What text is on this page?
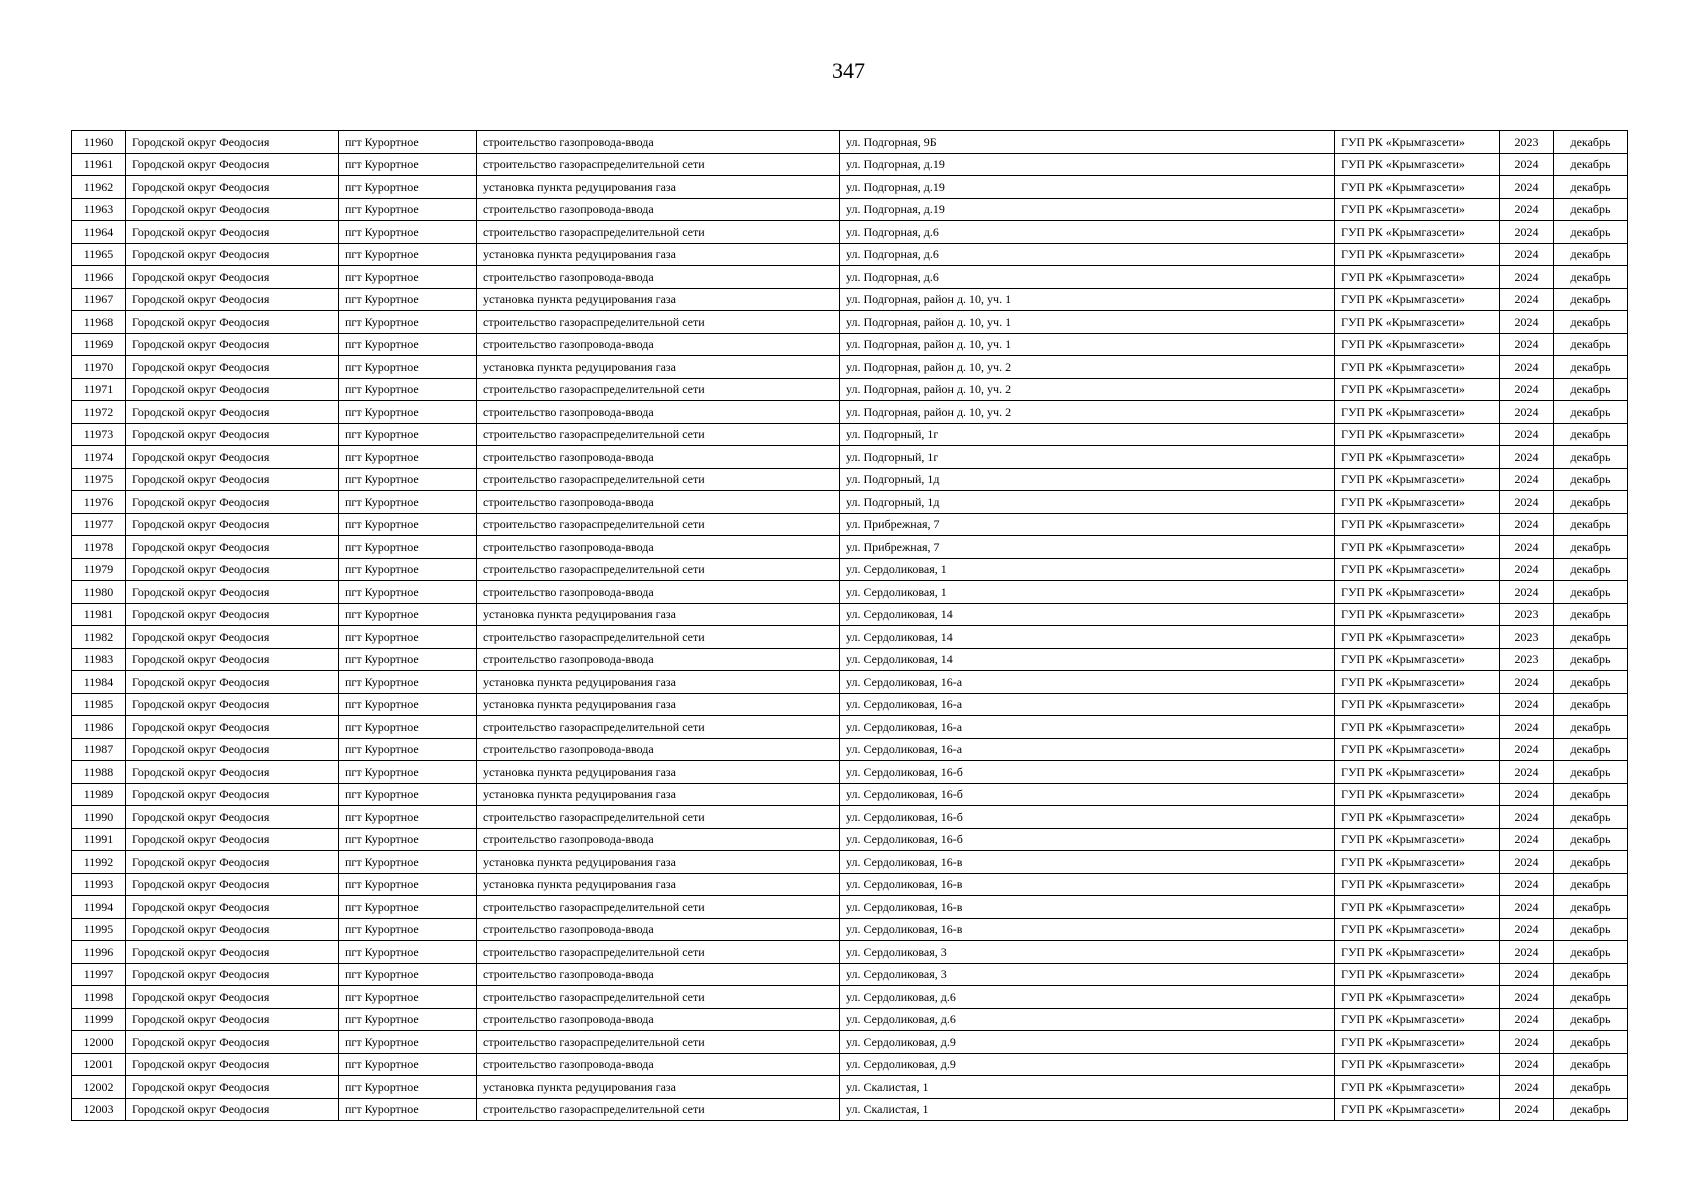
347
11960	Городской округ Феодосия	пгт Курортное	строительство газопровода-ввода	ул. Подгорная, 9Б	ГУП РК «Крымгазсети»	2023	декабрь
11961	Городской округ Феодосия	пгт Курортное	строительство газораспределительной сети	ул. Подгорная, д.19	ГУП РК «Крымгазсети»	2024	декабрь
11962	Городской округ Феодосия	пгт Курортное	установка пункта редуцирования газа	ул. Подгорная, д.19	ГУП РК «Крымгазсети»	2024	декабрь
11963	Городской округ Феодосия	пгт Курортное	строительство газопровода-ввода	ул. Подгорная, д.19	ГУП РК «Крымгазсети»	2024	декабрь
11964	Городской округ Феодосия	пгт Курортное	строительство газораспределительной сети	ул. Подгорная, д.6	ГУП РК «Крымгазсети»	2024	декабрь
11965	Городской округ Феодосия	пгт Курортное	установка пункта редуцирования газа	ул. Подгорная, д.6	ГУП РК «Крымгазсети»	2024	декабрь
11966	Городской округ Феодосия	пгт Курортное	строительство газопровода-ввода	ул. Подгорная, д.6	ГУП РК «Крымгазсети»	2024	декабрь
11967	Городской округ Феодосия	пгт Курортное	установка пункта редуцирования газа	ул. Подгорная, район д. 10, уч. 1	ГУП РК «Крымгазсети»	2024	декабрь
11968	Городской округ Феодосия	пгт Курортное	строительство газораспределительной сети	ул. Подгорная, район д. 10, уч. 1	ГУП РК «Крымгазсети»	2024	декабрь
11969	Городской округ Феодосия	пгт Курортное	строительство газопровода-ввода	ул. Подгорная, район д. 10, уч. 1	ГУП РК «Крымгазсети»	2024	декабрь
11970	Городской округ Феодосия	пгт Курортное	установка пункта редуцирования газа	ул. Подгорная, район д. 10, уч. 2	ГУП РК «Крымгазсети»	2024	декабрь
11971	Городской округ Феодосия	пгт Курортное	строительство газораспределительной сети	ул. Подгорная, район д. 10, уч. 2	ГУП РК «Крымгазсети»	2024	декабрь
11972	Городской округ Феодосия	пгт Курортное	строительство газопровода-ввода	ул. Подгорная, район д. 10, уч. 2	ГУП РК «Крымгазсети»	2024	декабрь
11973	Городской округ Феодосия	пгт Курортное	строительство газораспределительной сети	ул. Подгорный, 1г	ГУП РК «Крымгазсети»	2024	декабрь
11974	Городской округ Феодосия	пгт Курортное	строительство газопровода-ввода	ул. Подгорный, 1г	ГУП РК «Крымгазсети»	2024	декабрь
11975	Городской округ Феодосия	пгт Курортное	строительство газораспределительной сети	ул. Подгорный, 1д	ГУП РК «Крымгазсети»	2024	декабрь
11976	Городской округ Феодосия	пгт Курортное	строительство газопровода-ввода	ул. Подгорный, 1д	ГУП РК «Крымгазсети»	2024	декабрь
11977	Городской округ Феодосия	пгт Курортное	строительство газораспределительной сети	ул. Прибрежная, 7	ГУП РК «Крымгазсети»	2024	декабрь
11978	Городской округ Феодосия	пгт Курортное	строительство газопровода-ввода	ул. Прибрежная, 7	ГУП РК «Крымгазсети»	2024	декабрь
11979	Городской округ Феодосия	пгт Курортное	строительство газораспределительной сети	ул. Сердоликовая, 1	ГУП РК «Крымгазсети»	2024	декабрь
11980	Городской округ Феодосия	пгт Курортное	строительство газопровода-ввода	ул. Сердоликовая, 1	ГУП РК «Крымгазсети»	2024	декабрь
11981	Городской округ Феодосия	пгт Курортное	установка пункта редуцирования газа	ул. Сердоликовая, 14	ГУП РК «Крымгазсети»	2023	декабрь
11982	Городской округ Феодосия	пгт Курортное	строительство газораспределительной сети	ул. Сердоликовая, 14	ГУП РК «Крымгазсети»	2023	декабрь
11983	Городской округ Феодосия	пгт Курортное	строительство газопровода-ввода	ул. Сердоликовая, 14	ГУП РК «Крымгазсети»	2023	декабрь
11984	Городской округ Феодосия	пгт Курортное	установка пункта редуцирования газа	ул. Сердоликовая, 16-а	ГУП РК «Крымгазсети»	2024	декабрь
11985	Городской округ Феодосия	пгт Курортное	установка пункта редуцирования газа	ул. Сердоликовая, 16-а	ГУП РК «Крымгазсети»	2024	декабрь
11986	Городской округ Феодосия	пгт Курортное	строительство газораспределительной сети	ул. Сердоликовая, 16-а	ГУП РК «Крымгазсети»	2024	декабрь
11987	Городской округ Феодосия	пгт Курортное	строительство газопровода-ввода	ул. Сердоликовая, 16-а	ГУП РК «Крымгазсети»	2024	декабрь
11988	Городской округ Феодосия	пгт Курортное	установка пункта редуцирования газа	ул. Сердоликовая, 16-б	ГУП РК «Крымгазсети»	2024	декабрь
11989	Городской округ Феодосия	пгт Курортное	установка пункта редуцирования газа	ул. Сердоликовая, 16-б	ГУП РК «Крымгазсети»	2024	декабрь
11990	Городской округ Феодосия	пгт Курортное	строительство газораспределительной сети	ул. Сердоликовая, 16-б	ГУП РК «Крымгазсети»	2024	декабрь
11991	Городской округ Феодосия	пгт Курортное	строительство газопровода-ввода	ул. Сердоликовая, 16-б	ГУП РК «Крымгазсети»	2024	декабрь
11992	Городской округ Феодосия	пгт Курортное	установка пункта редуцирования газа	ул. Сердоликовая, 16-в	ГУП РК «Крымгазсети»	2024	декабрь
11993	Городской округ Феодосия	пгт Курортное	установка пункта редуцирования газа	ул. Сердоликовая, 16-в	ГУП РК «Крымгазсети»	2024	декабрь
11994	Городской округ Феодосия	пгт Курортное	строительство газораспределительной сети	ул. Сердоликовая, 16-в	ГУП РК «Крымгазсети»	2024	декабрь
11995	Городской округ Феодосия	пгт Курортное	строительство газопровода-ввода	ул. Сердоликовая, 16-в	ГУП РК «Крымгазсети»	2024	декабрь
11996	Городской округ Феодосия	пгт Курортное	строительство газораспределительной сети	ул. Сердоликовая, 3	ГУП РК «Крымгазсети»	2024	декабрь
11997	Городской округ Феодосия	пгт Курортное	строительство газопровода-ввода	ул. Сердоликовая, 3	ГУП РК «Крымгазсети»	2024	декабрь
11998	Городской округ Феодосия	пгт Курортное	строительство газораспределительной сети	ул. Сердоликовая, д.6	ГУП РК «Крымгазсети»	2024	декабрь
11999	Городской округ Феодосия	пгт Курортное	строительство газопровода-ввода	ул. Сердоликовая, д.6	ГУП РК «Крымгазсети»	2024	декабрь
12000	Городской округ Феодосия	пгт Курортное	строительство газораспределительной сети	ул. Сердоликовая, д.9	ГУП РК «Крымгазсети»	2024	декабрь
12001	Городской округ Феодосия	пгт Курортное	строительство газопровода-ввода	ул. Сердоликовая, д.9	ГУП РК «Крымгазсети»	2024	декабрь
12002	Городской округ Феодосия	пгт Курортное	установка пункта редуцирования газа	ул. Скалистая, 1	ГУП РК «Крымгазсети»	2024	декабрь
12003	Городской округ Феодосия	пгт Курортное	строительство газораспределительной сети	ул. Скалистая, 1	ГУП РК «Крымгазсети»	2024	декабрь
